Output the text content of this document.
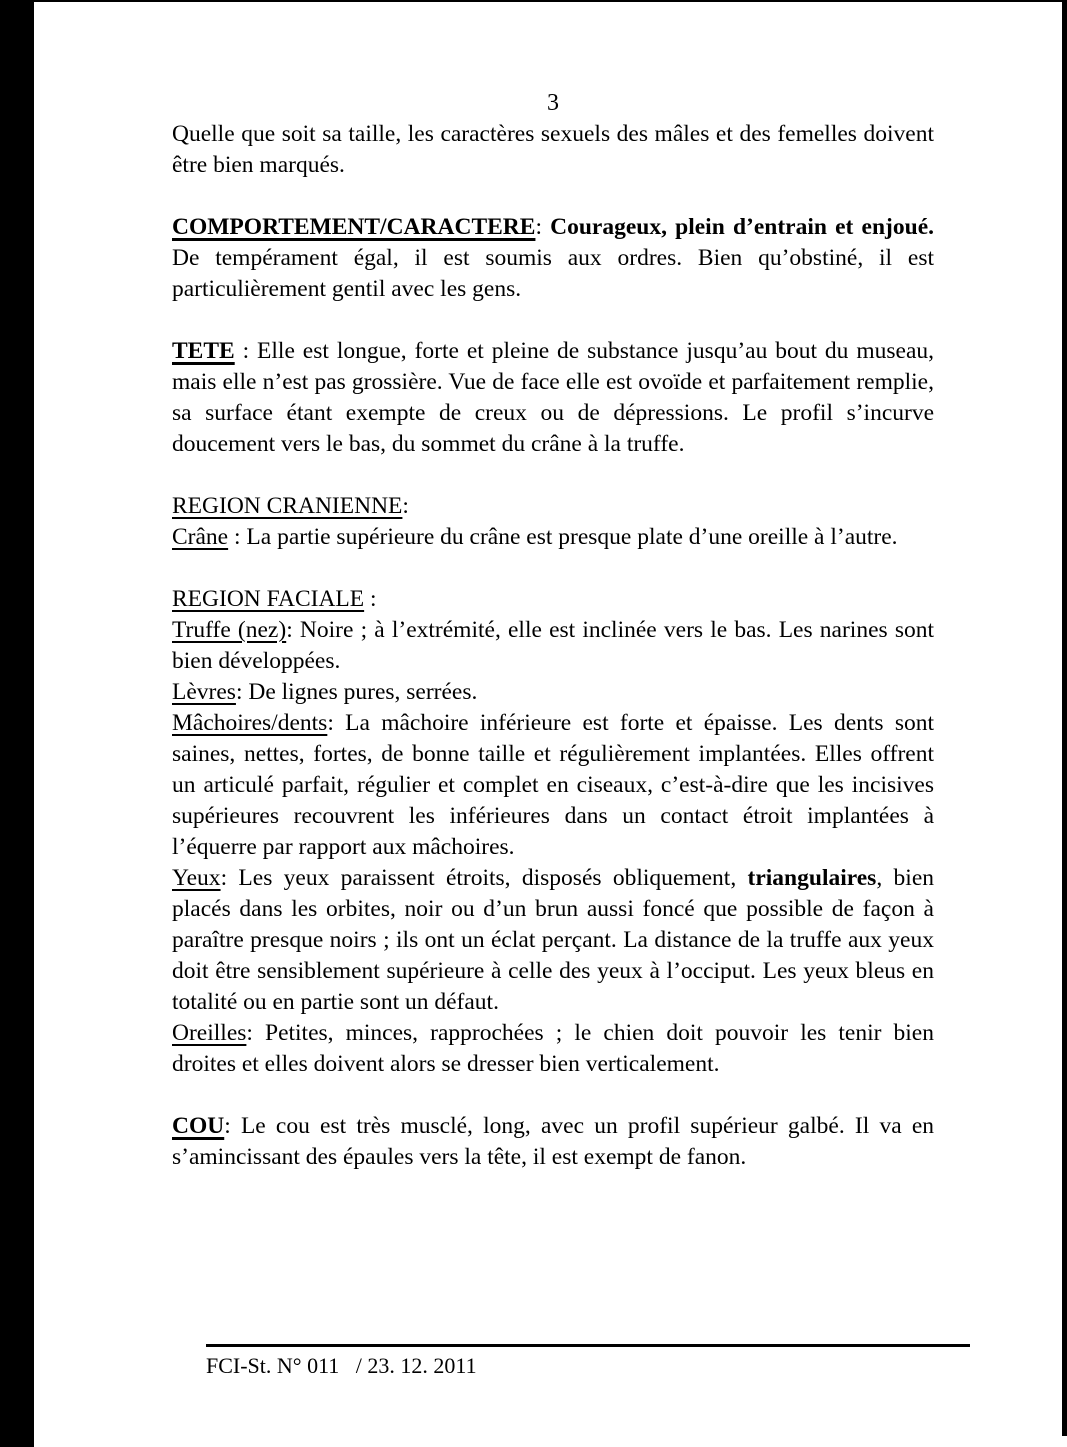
3
Quelle que soit sa taille, les caractères sexuels des mâles et des femelles doivent être bien marqués.
COMPORTEMENT/CARACTERE: Courageux, plein d’entrain et enjoué. De tempérament égal, il est soumis aux ordres. Bien qu’obstiné, il est particulièrement gentil avec les gens.
TETE : Elle est longue, forte et pleine de substance jusqu’au bout du museau, mais elle n’est pas grossière. Vue de face elle est ovoïde et parfaitement remplie, sa surface étant exempte de creux ou de dépressions. Le profil s’incurve doucement vers le bas, du sommet du crâne à la truffe.
REGION CRANIENNE:
Crâne : La partie supérieure du crâne est presque plate d’une oreille à l’autre.
REGION FACIALE :
Truffe (nez): Noire ; à l’extrémité, elle est inclinée vers le bas. Les narines sont bien développées.
Lèvres: De lignes pures, serrées.
Mâchoires/dents: La mâchoire inférieure est forte et épaisse. Les dents sont saines, nettes, fortes, de bonne taille et régulièrement implantées. Elles offrent un articulé parfait, régulier et complet en ciseaux, c’est-à-dire que les incisives supérieures recouvrent les inférieures dans un contact étroit implantées à l’équerre par rapport aux mâchoires.
Yeux: Les yeux paraissent étroits, disposés obliquement, triangulaires, bien placés dans les orbites, noir ou d’un brun aussi foncé que possible de façon à paraître presque noirs ; ils ont un éclat perçant. La distance de la truffe aux yeux doit être sensiblement supérieure à celle des yeux à l’occiput. Les yeux bleus en totalité ou en partie sont un défaut.
Oreilles: Petites, minces, rapprochées ; le chien doit pouvoir les tenir bien droites et elles doivent alors se dresser bien verticalement.
COU: Le cou est très musclé, long, avec un profil supérieur galbé. Il va en s’amincissant des épaules vers la tête, il est exempt de fanon.
FCI-St. N° 011   / 23. 12. 2011
